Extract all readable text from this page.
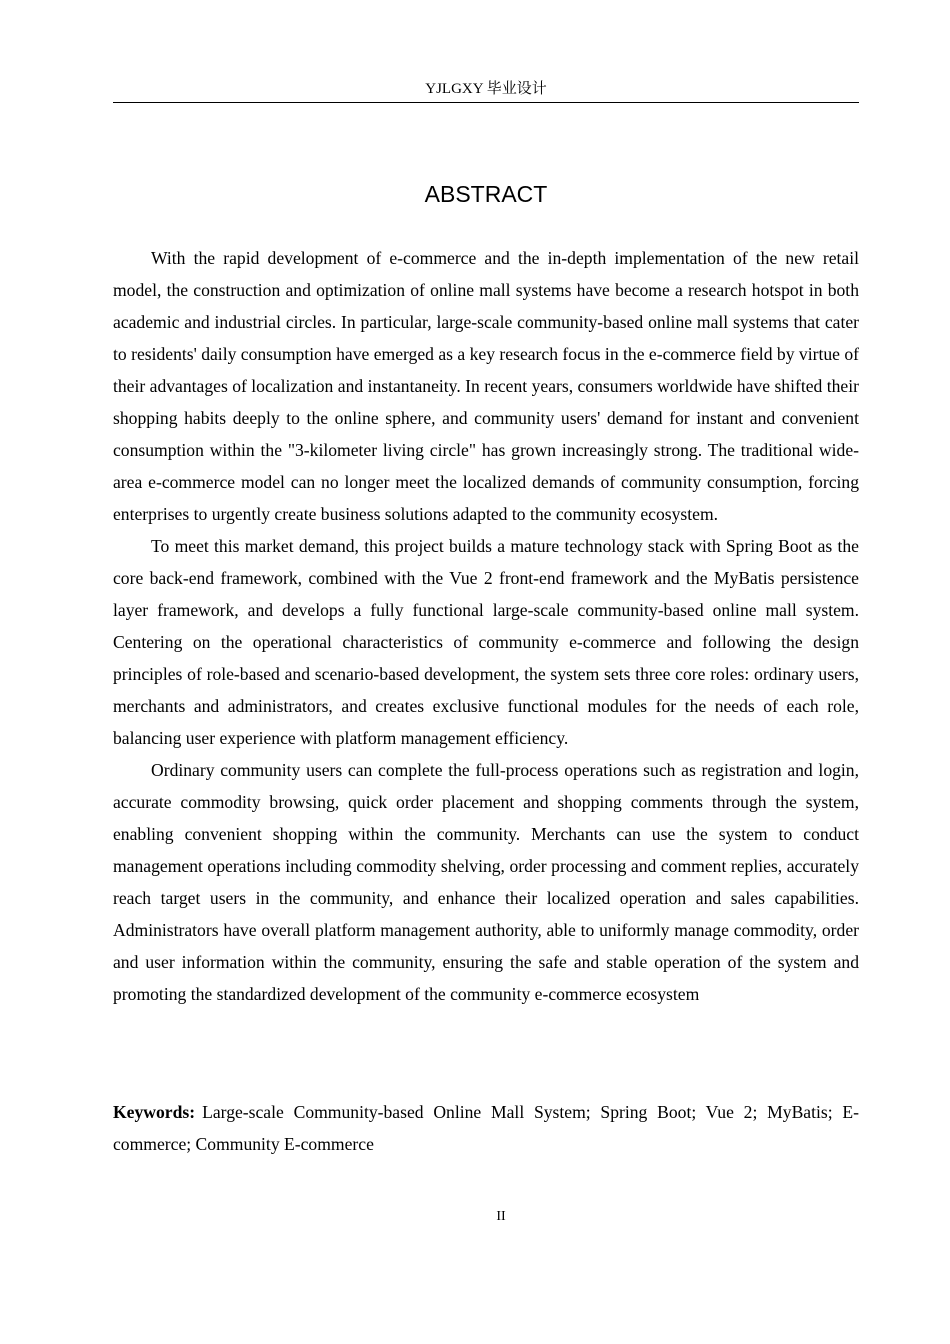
YJLGXY 毕业设计
ABSTRACT

With the rapid development of e-commerce and the in-depth implementation of the new retail model, the construction and optimization of online mall systems have become a research hotspot in both academic and industrial circles. In particular, large-scale community-based online mall systems that cater to residents' daily consumption have emerged as a key research focus in the e-commerce field by virtue of their advantages of localization and instantaneity. In recent years, consumers worldwide have shifted their shopping habits deeply to the online sphere, and community users' demand for instant and convenient consumption within the "3-kilometer living circle" has grown increasingly strong. The traditional wide-area e-commerce model can no longer meet the localized demands of community consumption, forcing enterprises to urgently create business solutions adapted to the community ecosystem.

To meet this market demand, this project builds a mature technology stack with Spring Boot as the core back-end framework, combined with the Vue 2 front-end framework and the MyBatis persistence layer framework, and develops a fully functional large-scale community-based online mall system. Centering on the operational characteristics of community e-commerce and following the design principles of role-based and scenario-based development, the system sets three core roles: ordinary users, merchants and administrators, and creates exclusive functional modules for the needs of each role, balancing user experience with platform management efficiency.

Ordinary community users can complete the full-process operations such as registration and login, accurate commodity browsing, quick order placement and shopping comments through the system, enabling convenient shopping within the community. Merchants can use the system to conduct management operations including commodity shelving, order processing and comment replies, accurately reach target users in the community, and enhance their localized operation and sales capabilities. Administrators have overall platform management authority, able to uniformly manage commodity, order and user information within the community, ensuring the safe and stable operation of the system and promoting the standardized development of the community e-commerce ecosystem

Keywords: Large-scale Community-based Online Mall System; Spring Boot; Vue 2; MyBatis; E-commerce; Community E-commerce

II
